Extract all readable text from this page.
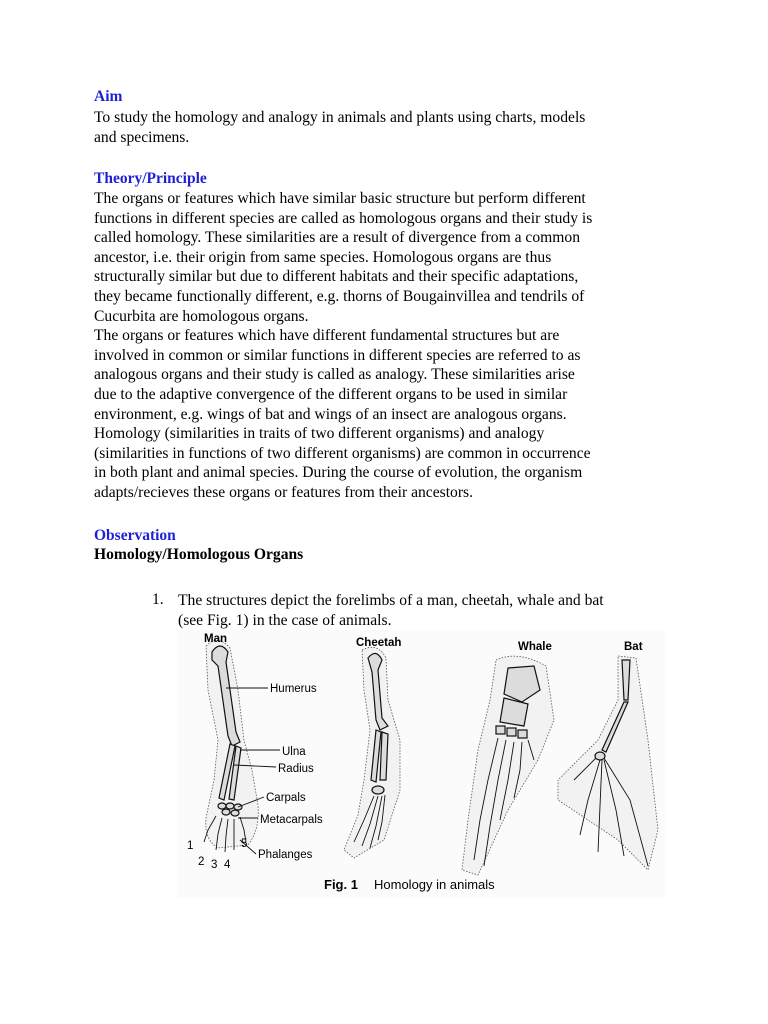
Aim
To study the homology and analogy in animals and plants using charts, models
and specimens.
Theory/Principle
The organs or features which have similar basic structure but perform different
functions in different species are called as homologous organs and their study is
called homology. These similarities are a result of divergence from a common
ancestor, i.e. their origin from same species. Homologous organs are thus
structurally similar but due to different habitats and their specific adaptations,
they became functionally different, e.g. thorns of Bougainvillea and tendrils of
Cucurbita are homologous organs.
The organs or features which have different fundamental structures but are
involved in common or similar functions in different species are referred to as
analogous organs and their study is called as analogy. These similarities arise
due to the adaptive convergence of the different organs to be used in similar
environment, e.g. wings of bat and wings of an insect are analogous organs.
Homology (similarities in traits of two different organisms) and analogy
(similarities in functions of two different organisms) are common in occurrence
in both plant and animal species. During the course of evolution, the organism
adapts/recieves these organs or features from their ancestors.
Observation
Homology/Homologous Organs
1. The structures depict the forelimbs of a man, cheetah, whale and bat
(see Fig. 1) in the case of animals.
Man
Humerus
Ulna
Radius
Carpals
Metacarpals
Phalanges
1
2 3 4
5
Cheetah	Whale	Bat
Fig. 1 Homology in animals
